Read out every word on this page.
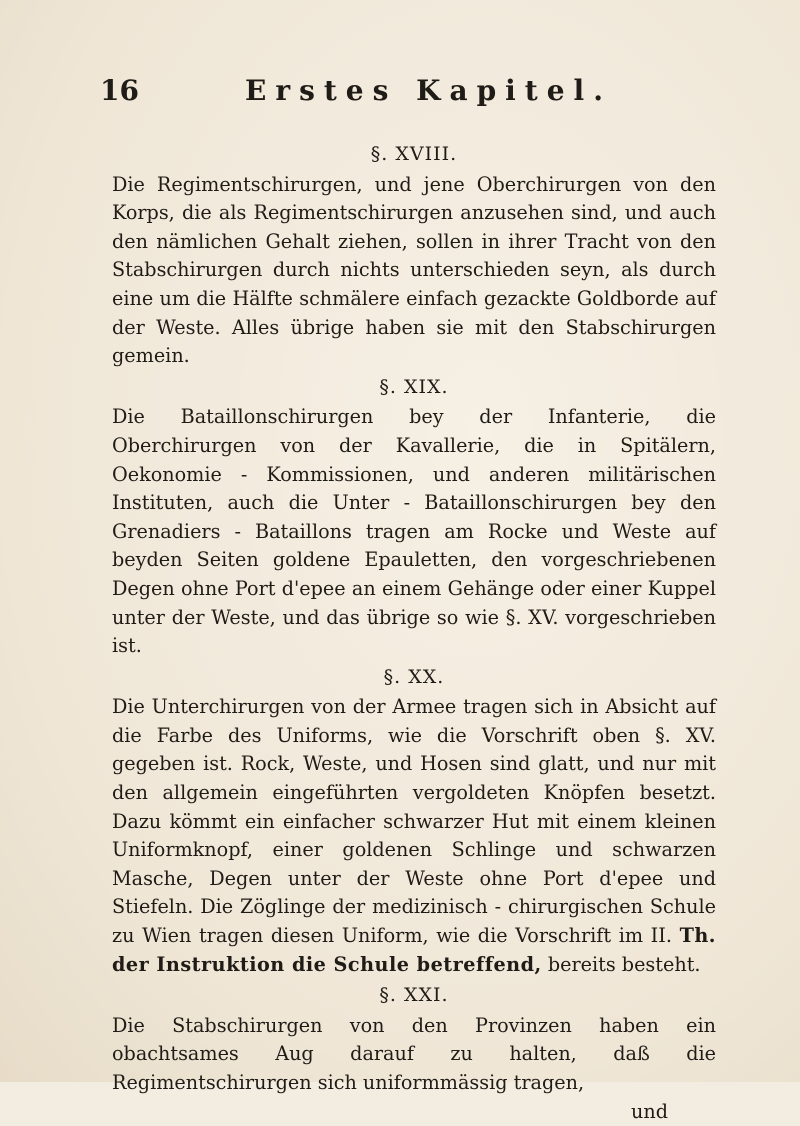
16	Erstes Kapitel.
§. XVIII.

Die Regimentschirurgen, und jene Oberchirurgen von den Korps, die als Regimentschirurgen anzusehen sind, und auch den nämlichen Gehalt ziehen, sollen in ihrer Tracht von den Stabschirurgen durch nichts unterschieden seyn, als durch eine um die Hälfte schmälere einfach gezackte Goldborde auf der Weste. Alles übrige haben sie mit den Stabschirurgen gemein.

§. XIX.

Die Bataillonschirurgen bey der Infanterie, die Oberchirurgen von der Kavallerie, die in Spitälern, Oekonomie - Kommissionen, und anderen militärischen Instituten, auch die Unter - Bataillonschirurgen bey den Grenadiers - Bataillons tragen am Rocke und Weste auf beyden Seiten goldene Epauletten, den vorgeschriebenen Degen ohne Port d'epee an einem Gehänge oder einer Kuppel unter der Weste, und das übrige so wie §. XV. vorgeschrieben ist.

§. XX.

Die Unterchirurgen von der Armee tragen sich in Absicht auf die Farbe des Uniforms, wie die Vorschrift oben §. XV. gegeben ist. Rock, Weste, und Hosen sind glatt, und nur mit den allgemein eingeführten vergoldeten Knöpfen besetzt. Dazu kömmt ein einfacher schwarzer Hut mit einem kleinen Uniformknopf, einer goldenen Schlinge und schwarzen Masche, Degen unter der Weste ohne Port d'epee und Stiefeln. Die Zöglinge der medizinisch - chirurgischen Schule zu Wien tragen diesen Uniform, wie die Vorschrift im II. Th. der Instruktion die Schule betreffend, bereits besteht.

§. XXI.

Die Stabschirurgen von den Provinzen haben ein obachtsames Aug darauf zu halten, daß die Regimentschirurgen sich uniformmässig tragen,

und
